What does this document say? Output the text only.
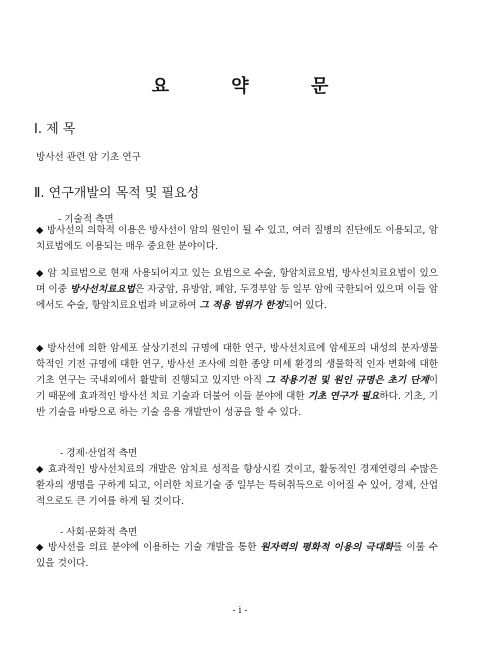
요 약 문
Ⅰ. 제 목
방사선 관련 암 기초 연구
Ⅱ. 연구개발의 목적 및 필요성
- 기술적 측면
◆ 방사선의 의학적 이용은 방사선이 암의 원인이 될 수 있고, 여러 질병의 진단에도 이용되고, 암 치료법에도 이용되는 매우 중요한 분야이다.
◆ 암 치료법으로 현재 사용되어지고 있는 요법으로 수술, 항암치료요법, 방사선치료요법이 있으며 이중 방사선치료요법은 자궁암, 유방암, 폐암, 두경부암 등 일부 암에 국한되어 있으며 이들 암에서도 수술, 항암치료요법과 비교하여 그 적용 범위가 한정되어 있다.
◆ 방사선에 의한 암세포 살상기전의 규명에 대한 연구, 방사선치료에 암세포의 내성의 분자생물학적인 기전 규명에 대한 연구, 방사선 조사에 의한 종양 미세 환경의 생물학적 인자 변화에 대한 기초 연구는 국내외에서 활발히 진행되고 있지만 아직 그 작용기전 및 원인 규명은 초기 단계이기 때문에 효과적인 방사선 치료 기술과 더불어 이들 분야에 대한 기초 연구가 필요하다. 기초, 기반 기술을 바탕으로 하는 기술 응용 개발만이 성공을 할 수 있다.
- 경제·산업적 측면
◆ 효과적인 방사선치료의 개발은 암치료 성적을 향상시킬 것이고, 활동적인 경제연령의 수많은 환자의 생명을 구하게 되고, 이러한 치료기술 중 일부는 특허취득으로 이어질 수 있어, 경제, 산업적으로도 큰 기여를 하게 될 것이다.
- 사회·문화적 측면
◆ 방사선을 의료 분야에 이용하는 기술 개발을 통한 원자력의 평화적 이용의 극대화를 이룰 수 있을 것이다.
- i -
